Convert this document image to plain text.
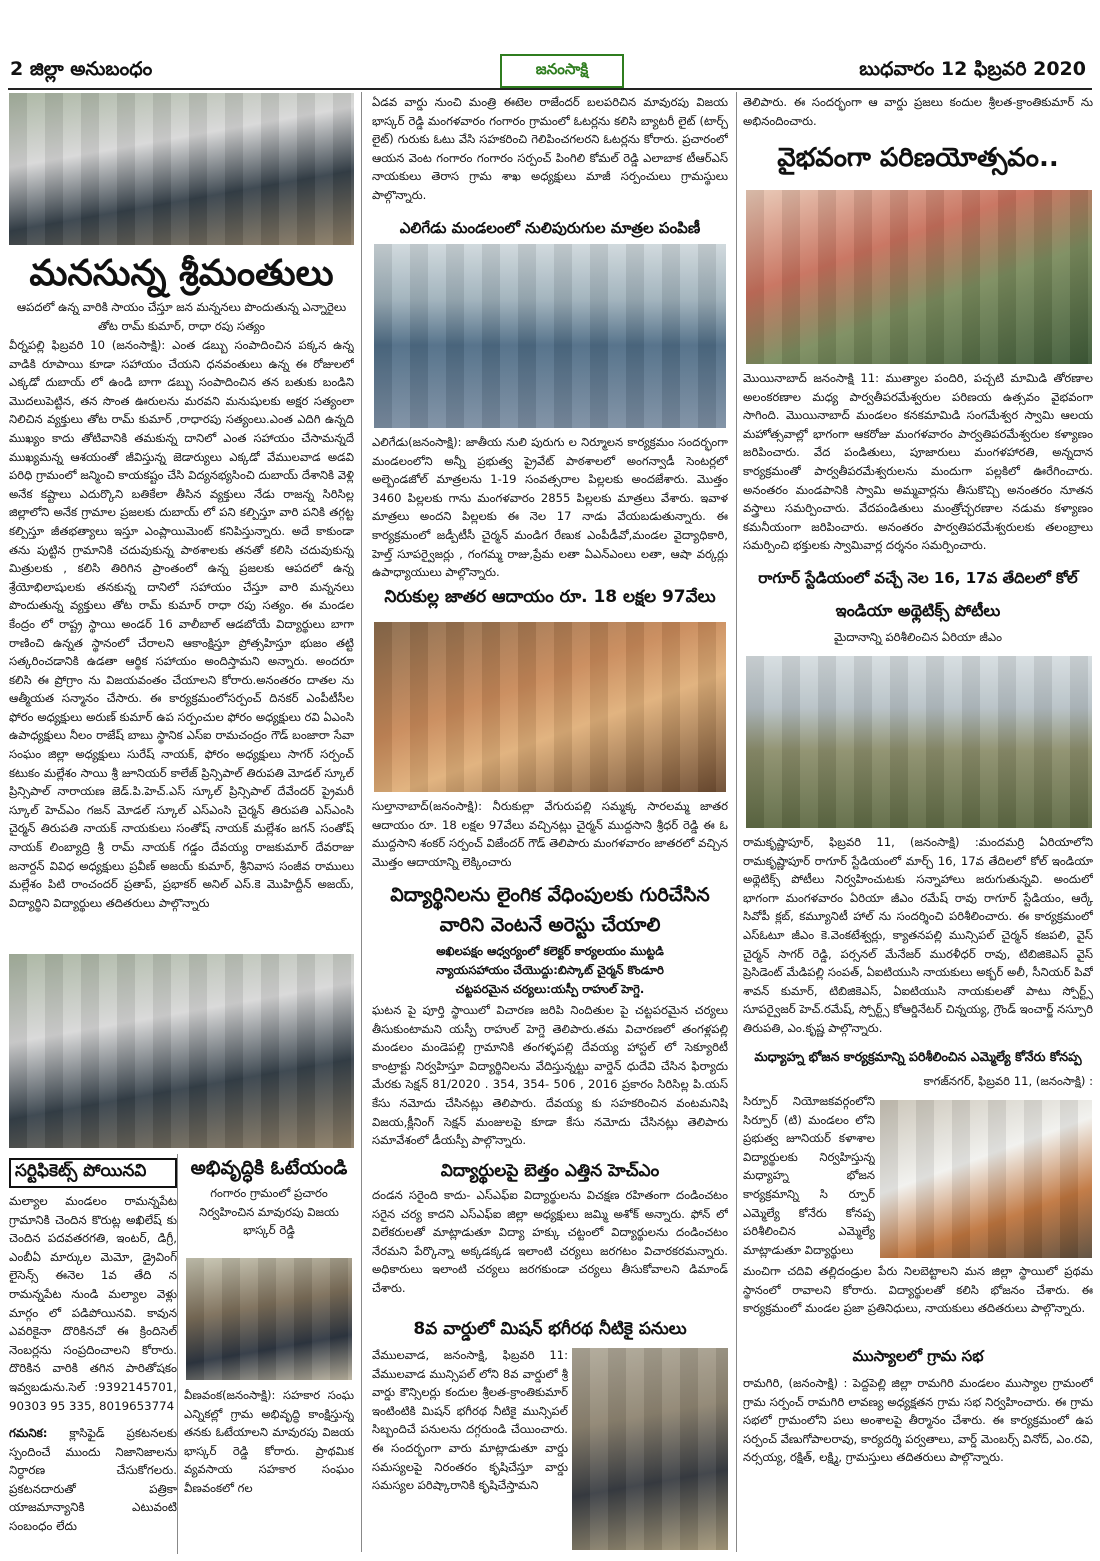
2 జిల్లా అనుబంధం	జనంసాక్షి	బుధవారం 12 ఫిబ్రవరి 2020
మనసున్న శ్రీమంతులు
ఆపదలో ఉన్న వారికి సాయం చేస్తూ జన మన్ననలు పొందుతున్న ఎన్నారైలు తోట రామ్ కుమార్, రాధా రపు సత్యం
వీర్నపల్లి ఫిబ్రవరి 10 (జనంసాక్షి): ఎంత డబ్బు సంపాదించిన పక్కన ఉన్న వాడికి రూపాయి కూడా సహాయం చేయని ధనవంతులు ఉన్న ఈ రోజులలో ఎక్కడో దుబాయ్ లో ఉండి బాగా డబ్బు సంపాదించిన తన బతుకు బండిని మొదలుపెట్టిన, తన సొంత ఊరులను మరవని మనుషులకు అక్షర సత్యంలా నిలిచిన వ్యక్తులు తోట రామ్ కుమార్ ,రాధారపు సత్యంలు.ఎంత ఎదిగి ఉన్నది ముఖ్యం కాదు తోటివానికి తమకున్న దానిలో ఎంత సహాయం చేసామన్నదే ముఖ్యమన్న ఆశయంతో జీవిస్తున్న జెడార్యులు ఎక్కడో వేములవాడ అడవి పరిధి గ్రామంలో జన్మించి కాయకష్టం చేసి విద్యనభ్యసించి దుబాయ్ దేశానికి వెళ్లి అనేక కష్టాలు ఎదుర్కొని బతికేలా తీసిన వ్యక్తులు నేడు రాజన్న సిరిసిల్ల జిల్లాలోని అనేక గ్రామాల ప్రజలకు దుబాయ్ లో పని కల్పిస్తూ వారి పనికి తగ్గట్ట కల్పిస్తూ జీతభత్యాలు ఇస్తూ ఎంప్లాయిమెంట్ కనిపిస్తున్నారు. అదే కాకుండా తను పుట్టిన గ్రామానికి చదువుకున్న పాఠశాలకు తనతో కలిసి చదువుకున్న మిత్రులకు , కలిసి తిరిగిన ప్రాంతంలో ఉన్న ప్రజలకు ఆపదలో ఉన్న శ్రేయోభిలాషులకు తనకున్న దానిలో సహాయం చేస్తూ వారి మన్ననలు పొందుతున్న వ్యక్తులు తోట రామ్ కుమార్ రాధా రపు సత్యం. ఈ మండల కేంద్రం లో రాష్ట్ర స్థాయి అండర్ 16 వాలీబాల్ ఆడబోయే విద్యార్థులు బాగా రాణించి ఉన్నత స్థానంలో చేరాలని ఆకాంక్షిస్తూ ప్రోత్సహిస్తూ భుజం తట్టి సత్కరించడానికి ఉడతా ఆర్థిక సహాయం అందిస్తామని అన్నారు. అందరూ కలిసి ఈ ప్రోగ్రాం ను విజయవంతం చేయాలని కోరారు.అనంతరం దాతల ను ఆత్మీయత సన్మానం చేసారు. ఈ కార్యక్రమంలోసర్పంచ్ దినకర్ ఎంపీటీసీల ఫోరం అధ్యక్షులు అరుణ్ కుమార్ ఉప సర్పంచుల ఫోరం అధ్యక్షులు రవి ఏఎంసి ఉపాధ్యక్షులు నీలం రాజేష్ బాబు స్థానిక ఎస్ఐ రామచంద్రం గౌడ్ బంజారా సేవా సంఘం జిల్లా అధ్యక్షులు సురేష్ నాయక్, ఫోరం అధ్యక్షులు సాగర్ సర్పంచ్ కటుకం మల్లేశం సాయి శ్రీ జూనియర్ కాలేజ్ ప్రిన్సిపాల్ తిరుపతి మోడల్ స్కూల్ ప్రిన్సిపాల్ నారాయణ జెడ్.పి.హెచ్.ఎస్ స్కూల్ ప్రిన్సిపాల్ దేవేందర్ ప్రైమరీ స్కూల్ హెచ్ఎం గజన్ మోడల్ స్కూల్ ఎస్ఎంసి చైర్మన్ తిరుపతి ఎస్ఎంసి చైర్మన్ తిరుపతి నాయక్ నాయకులు సంతోష్ నాయక్ మల్లేశం జగన్ సంతోష్ నాయక్ లింబ్యాద్రి శ్రీ రామ్ నాయక్ గడ్డం దేవయ్య రాజకుమార్ దేవరాజు జనార్దన్ వివిధ అధ్యక్షులు ప్రవీణ్ అజయ్ కుమార్, శ్రీనివాస సంజీవ రాములు మల్లేశం పిటి రాంచందర్ ప్రతాప్, ప్రభాకర్ అనిల్ ఎస్.కె మొహిద్దీన్ అజయ్, విద్యార్థిని విద్యార్థులు తదితరులు పాల్గొన్నారు
సర్టిఫికెట్స్ పోయినవి
మల్యాల మండలం రామన్నపేట గ్రామానికి చెందిన కొరుట్ల అఖిలేష్ కు చెందిన పదవతరగతి, ఇంటర్, డిగ్రీ, ఎంబీఏ మార్కుల మెమో, డ్రైవింగ్ లైసెన్స్ ఈనెల 1వ తేది న రామన్నపేట నుండి మల్యాల వెళ్లు మార్గం లో పడిపోయినవి. కావున ఎవరికైనా దొరికినచో ఈ క్రిందిసెల్ నెంబర్లను సంప్రదించాలని కోరారు. దొరికిన వారికి తగిన పారితోషకం ఇవ్వబడును.సెల్ :9392145701, 90303 95 335, 8019653774
గమనిక: క్లాసిఫైడ్ ప్రకటనలకు స్పందించే ముందు నిజానిజాలను నిర్ధారణ చేసుకోగలరు. ప్రకటనదారుతో పత్రికా యాజమాన్యానికి ఎటువంటి సంబంధం లేదు
అభివృద్ధికి ఓటేయండి
గంగారం గ్రామంలో ప్రచారం నిర్వహించిన మావురపు విజయ భాస్కర్ రెడ్డి
వీణవంక(జనంసాక్షి): సహకార సంఘ ఎన్నికల్లో గ్రామ అభివృద్ధి కాంక్షిస్తున్న తనకు ఓటేయాలని మావురపు విజయ భాస్కర్ రెడ్డి కోరారు. ప్రాథమిక వ్యవసాయ సహకార సంఘం వీణవంకలో గల
ఏడవ వార్డు నుంచి మంత్రి ఈటెల రాజేందర్ బలపరిచిన మావురపు విజయ భాస్కర్ రెడ్డి మంగళవారం గంగారం గ్రామంలో ఓటర్లను కలిసి బ్యాటరీ లైట్ (టార్చ్ లైట్) గురుకు ఓటు వేసి సహకరించి గెలిపించగలరని ఓటర్లను కోరారు. ప్రచారంలో ఆయన వెంట గంగారం గంగారం సర్పంచ్ పింగిలి కోమల్ రెడ్డి ఎలాబాక టీఆర్ఎస్ నాయకులు తెరాస గ్రామ శాఖ అధ్యక్షులు మాజీ సర్పంచులు గ్రామస్థులు పాల్గొన్నారు.
ఎలిగేడు మండలంలో నులిపురుగుల మాత్రల పంపిణీ
ఎలిగేడు(జనంసాక్షి): జాతీయ నులి పురుగు ల నిర్మూలన కార్యక్రమం సందర్భంగా మండలంలోని అన్నీ ప్రభుత్వ ప్రైవేట్ పాఠశాలలో అంగన్వాడీ సెంటర్లలో అల్బెండజోల్ మాత్రలను 1-19 సంవత్సరాల పిల్లలకు అందజేశారు. మొత్తం 3460 పిల్లలకు గాను మంగళవారం 2855 పిల్లలకు మాత్రలు వేశారు. ఇవాళ మాత్రలు అందని పిల్లలకు ఈ నెల 17 నాడు వేయబడుతున్నారు. ఈ కార్యక్రమంలో జడ్పీటీసీ చైర్మన్ మండిగ రేణుక ఎంపీడీవో,మండల వైద్యాధికారి, హెల్త్ సూపర్వైజర్లు , గంగమ్మ రాజు,ప్రేమ లతా ఏఎన్ఎంలు లతా, ఆషా వర్కర్లు ఉపాధ్యాయులు పాల్గొన్నారు.
నిరుకుల్ల జాతర ఆదాయం రూ. 18 లక్షల 97వేలు
సుల్తానాబాద్(జనంసాక్షి): నీరుకుల్లా వేగురుపల్లి సమ్మక్క సారలమ్మ జాతర ఆదాయం రూ. 18 లక్షల 97వేలు వచ్చినట్లు చైర్మన్ ముద్దసాని శ్రీధర్ రెడ్డి ఈ ఓ ముద్దసాని శంకర్ సర్పంచ్ విజేందర్ గౌడ్ తెలిపారు మంగళవారం జాతరలో వచ్చిన మొత్తం ఆదాయాన్ని లెక్కించారు
విద్యార్థినిలను లైంగిక వేధింపులకు గురిచేసిన వారిని వెంటనే అరెస్టు చేయాలి
అఖిలపక్షం ఆధ్వర్యంలో కలెక్టర్ కార్యలయం ముట్టడి
న్యాయసహాయం చేయొద్దు:బిస్కాట్ చైర్మన్ కొండూరి
చట్టపరమైన చర్యలు:యస్పీ రాహుల్ హెగ్డె.
ఘటన పై పూర్తి స్థాయిలో విచారణ జరిపి నిందితుల పై చట్టపరమైన చర్యలు తీసుకుంటామని యస్పీ రాహుల్ హెగ్డె తెలిపారు.తమ విచారణలో తంగళ్లపల్లి మండలం మండెపల్లి గ్రామానికి తంగళ్ళపల్లి దేవయ్య హాస్టల్ లో సెక్యూరిటీ కాంట్రాక్టు నిర్వహిస్తూ విద్యార్థినిలను వేదిస్తున్నట్టు వార్డెన్ ధుదేవి చేసిన ఫిర్యాదు మేరకు సెక్షన్ 81/2020 . 354, 354- 506 , 2016 ప్రకారం సిరిసిల్ల పి.యస్ కేసు నమోదు చేసినట్లు తెలిపారు. దేవయ్య కు సహకరించిన వంటమనిషి విజయ,క్లీనింగ్ సెక్షన్ మంజులపై కూడా కేసు నమోదు చేసినట్లు తెలిపారు సమావేశంలో డీయస్పీ పాల్గొన్నారు.
విద్యార్థులపై బెత్తం ఎత్తిన హెచ్ఎం
దండన సరైంది కాదు- ఎస్ఎఫ్ఐ విద్యార్థులను విచక్షణ రహితంగా దండించటం సరైన చర్య కాదని ఎస్ఎఫ్ఐ జిల్లా అధ్యక్షులు జమ్మి అశోక్ అన్నారు. ఫోన్ లో విలేకరులతో మాట్లాడుతూ విద్యా హక్కు చట్టంలో విద్యార్థులను దండించటం నేరమని పేర్కొన్నా అక్కడక్కడ ఇలాంటి చర్యలు జరగటం విచారకరమన్నారు. అధికారులు ఇలాంటి చర్యలు జరగకుండా చర్యలు తీసుకోవాలని డిమాండ్ చేశారు.
8వ వార్డులో మిషన్ భగీరథ నీటికై పనులు
వేములవాడ, జనంసాక్షి, ఫిబ్రవరి 11: వేములవాడ మున్సిపల్ లోని 8వ వార్డులో శ్రీ వార్డు కౌన్సిలర్లు కందుల శ్రీలత-క్రాంతికుమార్ ఇంటింటికి మిషన్ భగీరథ నీటికై మున్సిపల్ సిబ్బందిచే పనులను దగ్గరుండి చేయించారు. ఈ సందర్భంగా వారు మాట్లాడుతూ వార్డు సమస్యలపై నిరంతరం కృషిచేస్తూ వార్డు సమస్యల పరిష్కారానికి కృషిచేస్తామని
తెలిపారు. ఈ సందర్భంగా ఆ వార్డు ప్రజలు కందుల శ్రీలత-క్రాంతికుమార్ ను అభినందించారు.
వైభవంగా పరిణయోత్సవం..
మొయినాబాద్ జనంసాక్షి 11: ముత్యాల పందిరి, పచ్చటి మామిడి తోరణాల అలంకరణాల మధ్య పార్వతీపరమేశ్వరుల పరిణయ ఉత్సవం వైభవంగా సాగింది. మొయినాబాద్ మండలం కనకమామిడి సంగమేశ్వర స్వామి ఆలయ మహోత్సవాల్లో భాగంగా ఆకరోజు మంగళవారం పార్వతిపరమేశ్వరుల కళ్యాణం జరిపించారు. వేద పండితులు, పూజారులు మంగళహారతి, అన్నదాన కార్యక్రమంతో పార్వతీపరమేశ్వరులను మందుగా పల్లకిలో ఊరేగించారు. అనంతరం మండపానికి స్వామి అమ్మవార్లను తీసుకొచ్చి అనంతరం నూతన వస్త్రాలు సమర్పించారు. వేదపండితులు మంత్రోచ్ఛరణాల నడుమ కళ్యాణం కమనీయంగా జరిపించారు. అనంతరం పార్వతిపరమేశ్వరులకు తలంబ్రాలు సమర్పించి భక్తులకు స్వామివార్ల దర్శనం సమర్పించారు.
రాగూర్ స్టేడియంలో వచ్చే నెల 16, 17వ తేదిలలో కోల్
ఇండియా అథ్లెటిక్స్ పోటీలు
మైదానాన్ని పరిశీలించిన ఏరియా జీఎం
రామకృష్ణాపూర్, ఫిబ్రవరి 11, (జనంసాక్షి) :మందమర్రి ఏరియాలోని రామకృష్ణాపూర్ రాగూర్ స్టేడియంలో మార్చ్ 16, 17వ తేదిలలో కోల్ ఇండియా అథ్లెటిక్స్ పోటీలు నిర్వహించుటకు సన్నాహాలు జరుగుతున్నవి. అందులో భాగంగా మంగళవారం ఏరియా జీఎం రమేష్ రావు రాగూర్ స్టేడియం, ఆర్కే సివోపీ క్లబ్, కమ్యూనిటీ హాల్ ను సందర్శించి పరిశీలించారు. ఈ కార్యక్రమంలో ఎస్ఓటూ జీఎం కె.వెంకటేశ్వర్లు, క్యాతనపల్లి మున్సిపల్ చైర్మన్ కజపలి, వైస్ చైర్మన్ సాగర్ రెడ్డి, పర్సనల్ మేనేజర్ మురళీధర్ రావు, టిబిజికెఎస్ వైస్ ప్రెసిడెంట్ మేడిపల్లి సంపత్, ఏఐటియుసి నాయకులు అక్బర్ అలీ, సీనియర్ పివో శావన్ కుమార్, టిబిజికెఎస్, ఏఐటియుసి నాయకులతో పాటు స్పోర్ట్స్ సూపర్వైజర్ హెచ్.రమేష్, స్పోర్ట్స్ కోఆర్డినేటర్ చిన్నయ్య, గ్రౌండ్ ఇంచార్జ్ నస్పూరి తిరుపతి, ఎం.కృష్ణ పాల్గొన్నారు.
మధ్యాహ్న భోజన కార్యక్రమాన్ని పరిశీలించిన ఎమ్మెల్యే కోనేరు కోనప్ప
కాగజ్‌నగర్, ఫిబ్రవరి 11, (జనంసాక్షి) :
సిర్పూర్ నియోజకవర్గంలోని సిర్పూర్ (టి) మండలం లోని ప్రభుత్వ జూనియర్ కళాశాల విద్యార్థులకు నిర్వహిస్తున్న మధ్యాహ్న భోజన కార్యక్రమాన్ని సి ర్పూర్ ఎమ్మెల్యే కోనేరు కోనప్ప పరిశీలించిన ఎమ్మెల్యే మాట్లాడుతూ విద్యార్థులు
మంచిగా చదివి తల్లిదండ్రుల పేరు నిలబెట్టాలని మన జిల్లా స్థాయిలో ప్రథమ స్థానంలో రావాలని కోరారు. విద్యార్థులతో కలిసి భోజనం చేశారు. ఈ కార్యక్రమంలో మండల ప్రజా ప్రతినిధులు, నాయకులు తదితరులు పాల్గొన్నారు.
ముస్యాలలో గ్రామ సభ
రామగిరి, (జనంసాక్షి) : పెద్దపెల్లి జిల్లా రామగిరి మండలం ముస్యాల గ్రామంలో గ్రామ సర్పంచ్ రామగిరి లావణ్య అధ్యక్షతన గ్రామ సభ నిర్వహించారు. ఈ గ్రామ సభలో గ్రామంలోని పలు అంశాలపై తీర్మానం చేశారు. ఈ కార్యక్రమంలో ఉప సర్పంచ్ వేణుగోపాలరావు, కార్యదర్శి పర్వతాలు, వార్డ్ మెంబర్స్ వినోద్, ఎం.రవి, నర్సయ్య, రక్షిత్, లక్ష్మి, గ్రామస్తులు తదితరులు పాల్గొన్నారు.
